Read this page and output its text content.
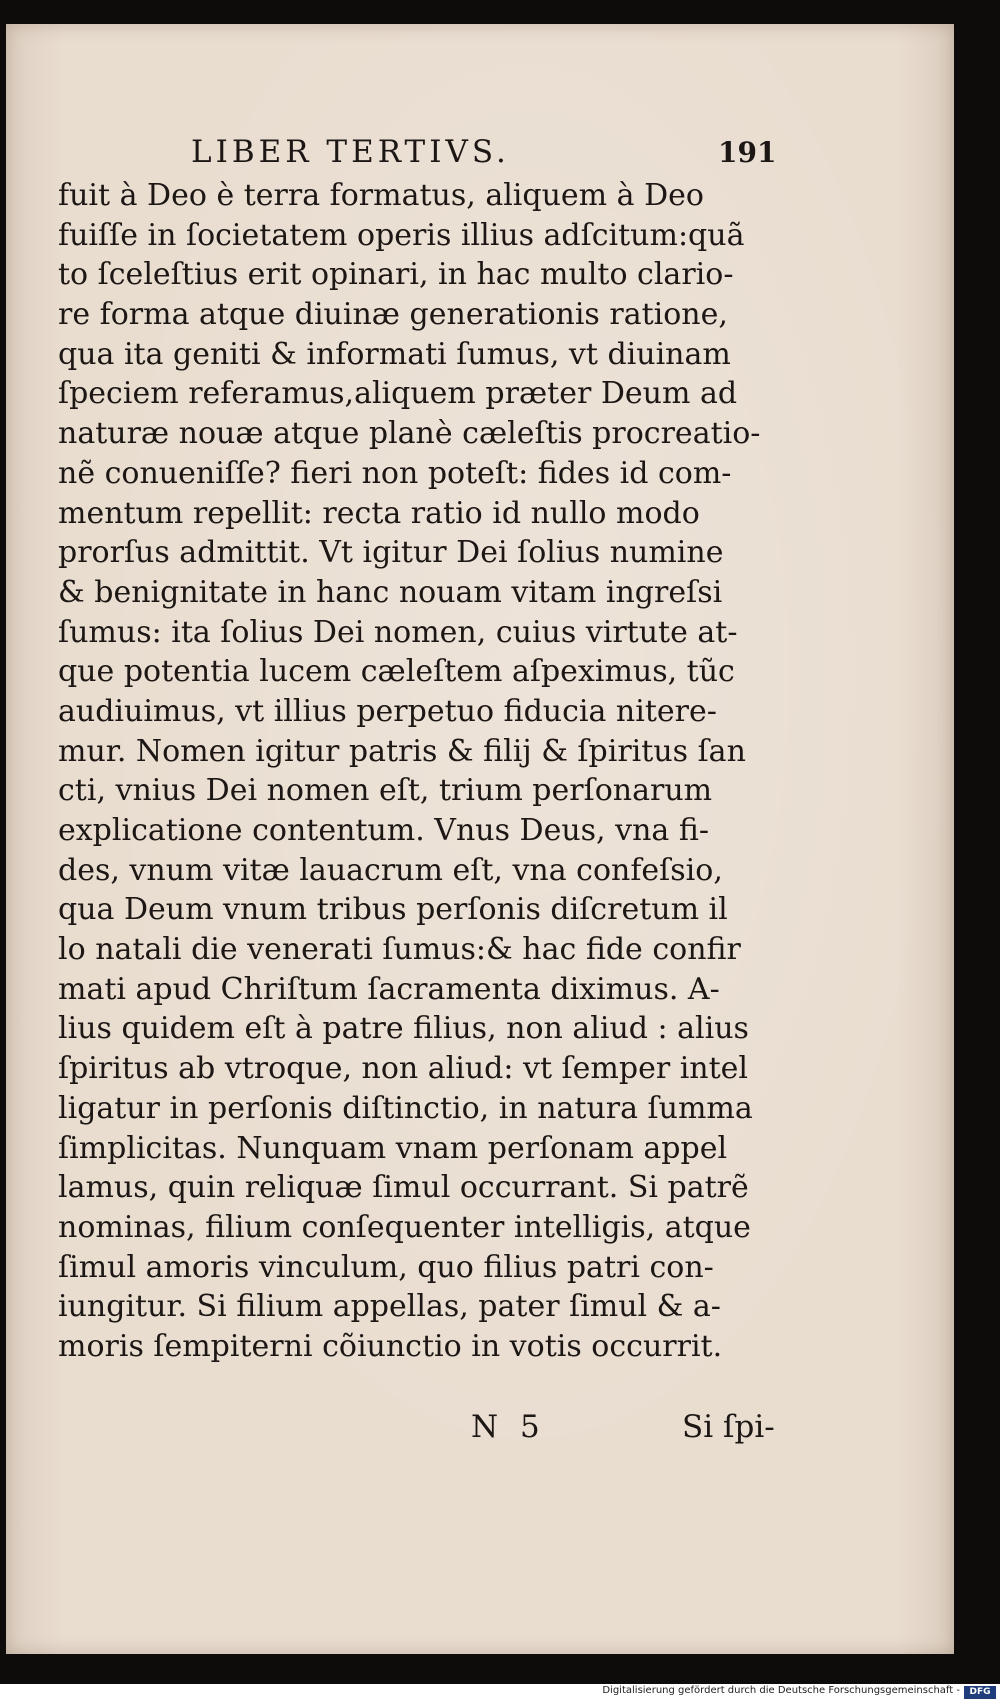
LIBER TERTIVS.	191
fuit à Deo è terra formatus, aliquem à Deo
fuiſſe in ſocietatem operis illius adſcitum:quã
to ſceleſtius erit opinari, in hac multo clario-
re forma atque diuinæ generationis ratione,
qua ita geniti & informati ſumus, vt diuinam
ſpeciem referamus,aliquem præter Deum ad
naturæ nouæ atque planè cæleſtis procreatio-
nẽ conueniſſe? fieri non poteſt: fides id com-
mentum repellit: recta ratio id nullo modo
prorſus admittit. Vt igitur Dei ſolius numine
& benignitate in hanc nouam vitam ingreſsi
ſumus: ita ſolius Dei nomen, cuius virtute at-
que potentia lucem cæleſtem aſpeximus, tũc
audiuimus, vt illius perpetuo fiducia nitere-
mur. Nomen igitur patris & filij & ſpiritus ſan
cti, vnius Dei nomen eſt, trium perſonarum
explicatione contentum. Vnus Deus, vna fi-
des, vnum vitæ lauacrum eſt, vna confeſsio,
qua Deum vnum tribus perſonis diſcretum il
lo natali die venerati ſumus:& hac fide confir
mati apud Chriſtum ſacramenta diximus. A-
lius quidem eſt à patre filius, non aliud : alius
ſpiritus ab vtroque, non aliud: vt ſemper intel
ligatur in perſonis diſtinctio, in natura ſumma
ſimplicitas. Nunquam vnam perſonam appel
lamus, quin reliquæ ſimul occurrant. Si patrẽ
nominas, filium conſequenter intelligis, atque
ſimul amoris vinculum, quo filius patri con-
iungitur. Si filium appellas, pater ſimul & a-
moris ſempiterni cõiunctio in votis occurrit.
N 5	Si ſpi-
Digitalisierung gefördert durch die Deutsche Forschungsgemeinschaft -	DFG
